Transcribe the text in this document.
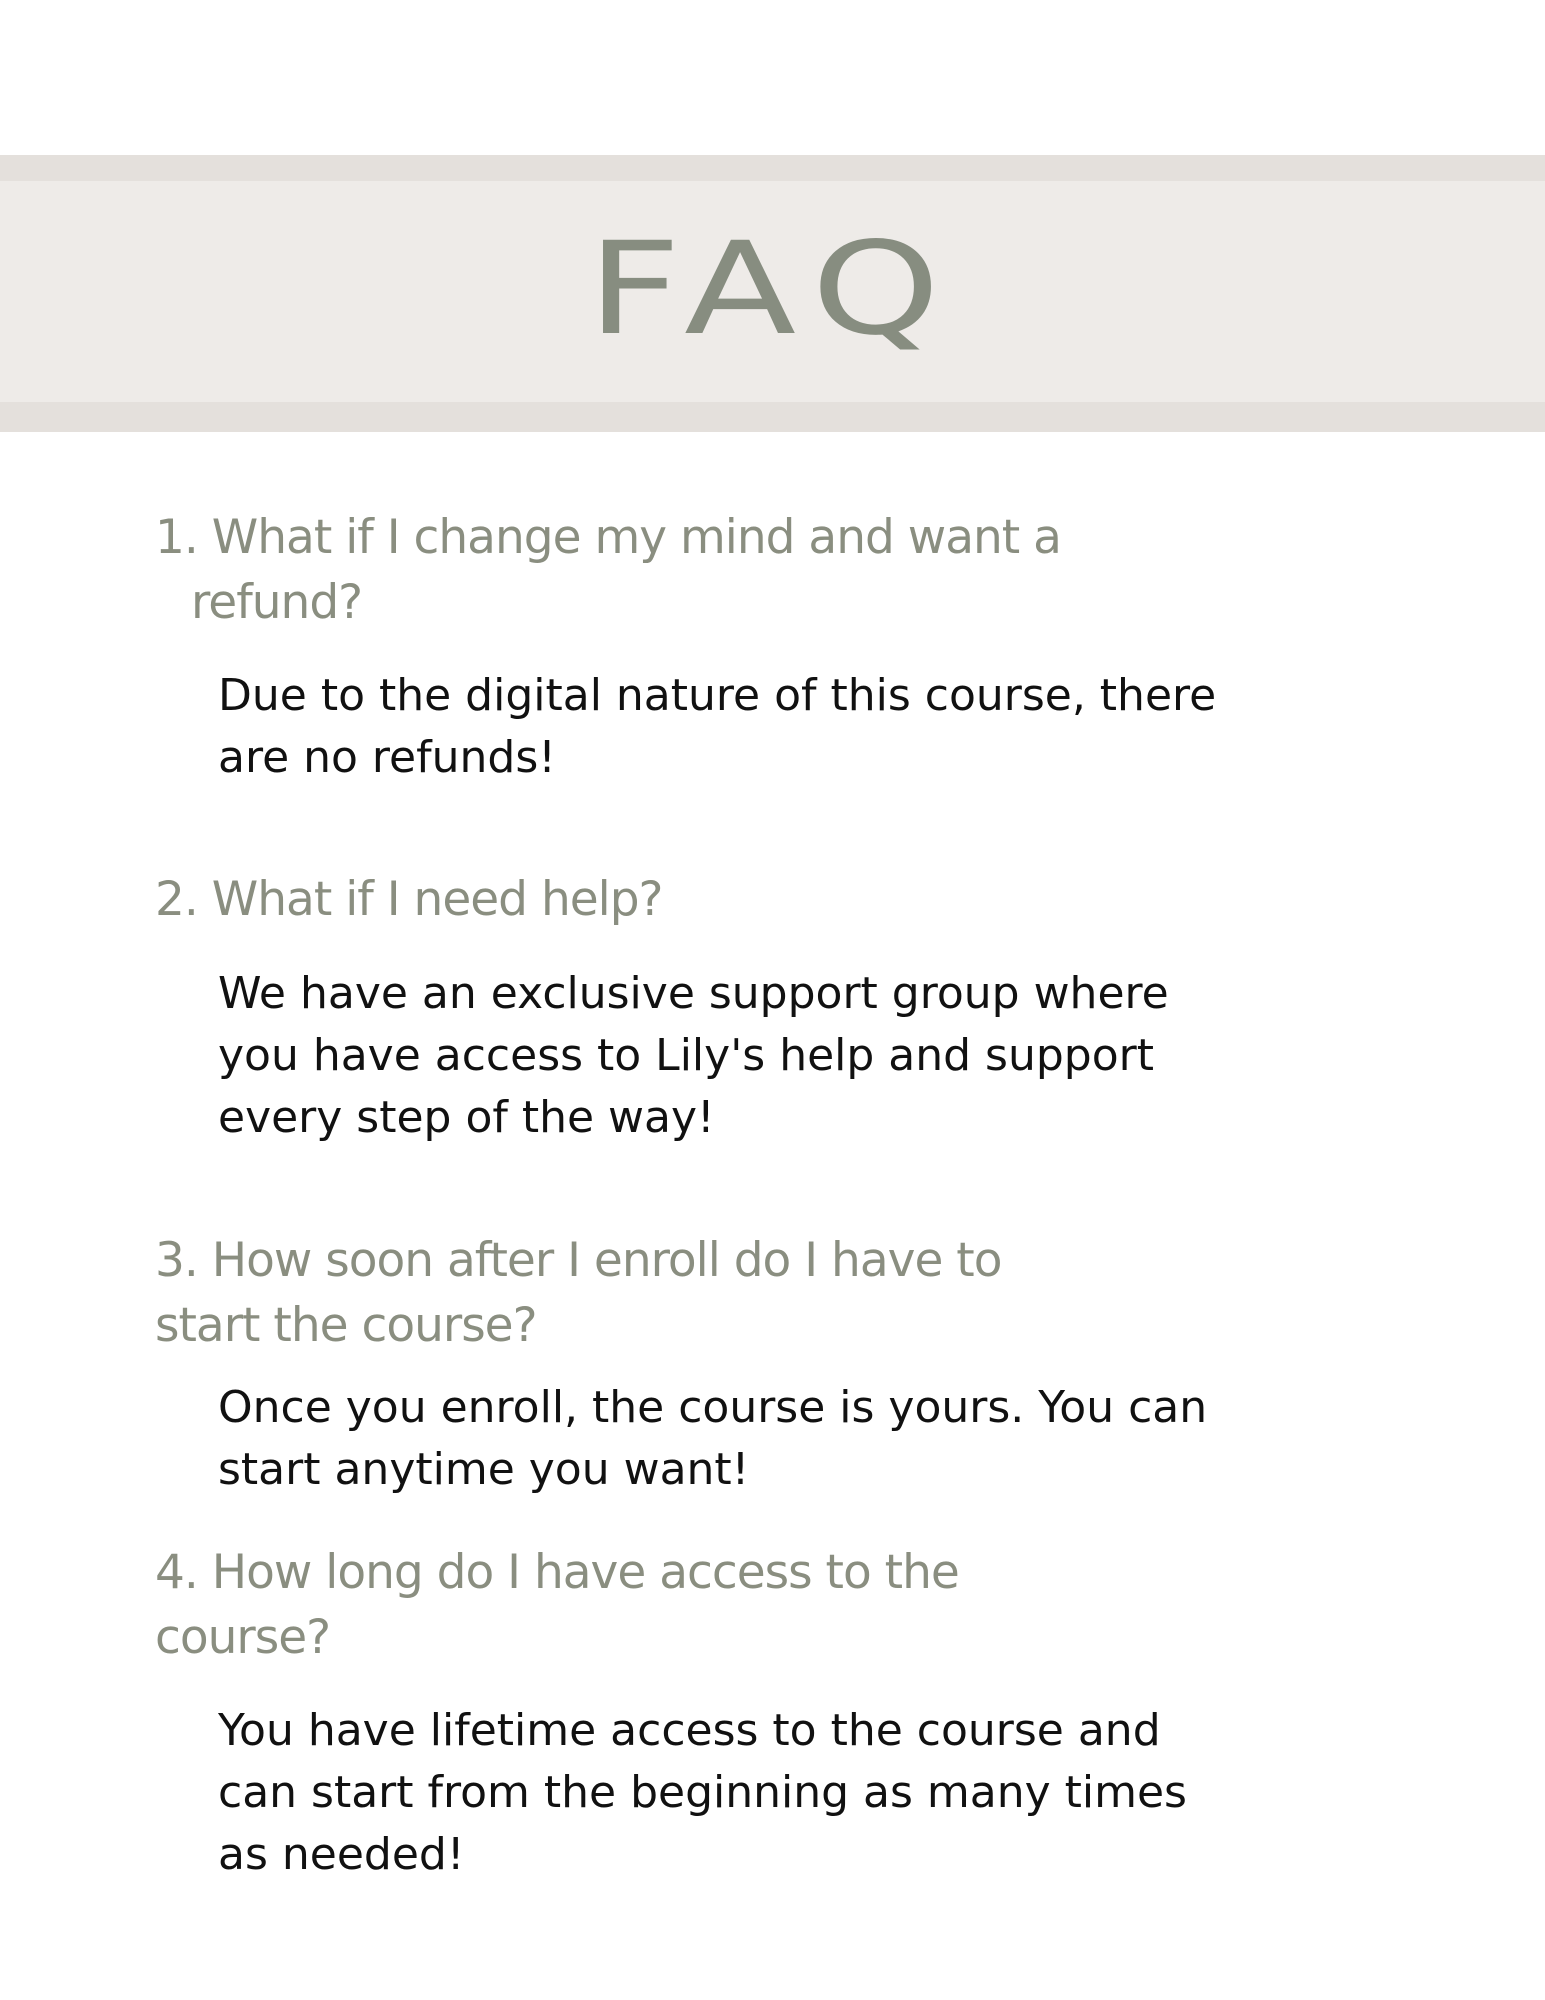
FAQ
1. What if I change my mind and want a
refund?
Due to the digital nature of this course, there
are no refunds!
2. What if I need help?
We have an exclusive support group where
you have access to Lily's help and support
every step of the way!
3. How soon after I enroll do I have to
start the course?
Once you enroll, the course is yours. You can
start anytime you want!
4. How long do I have access to the
course?
You have lifetime access to the course and
can start from the beginning as many times
as needed!
